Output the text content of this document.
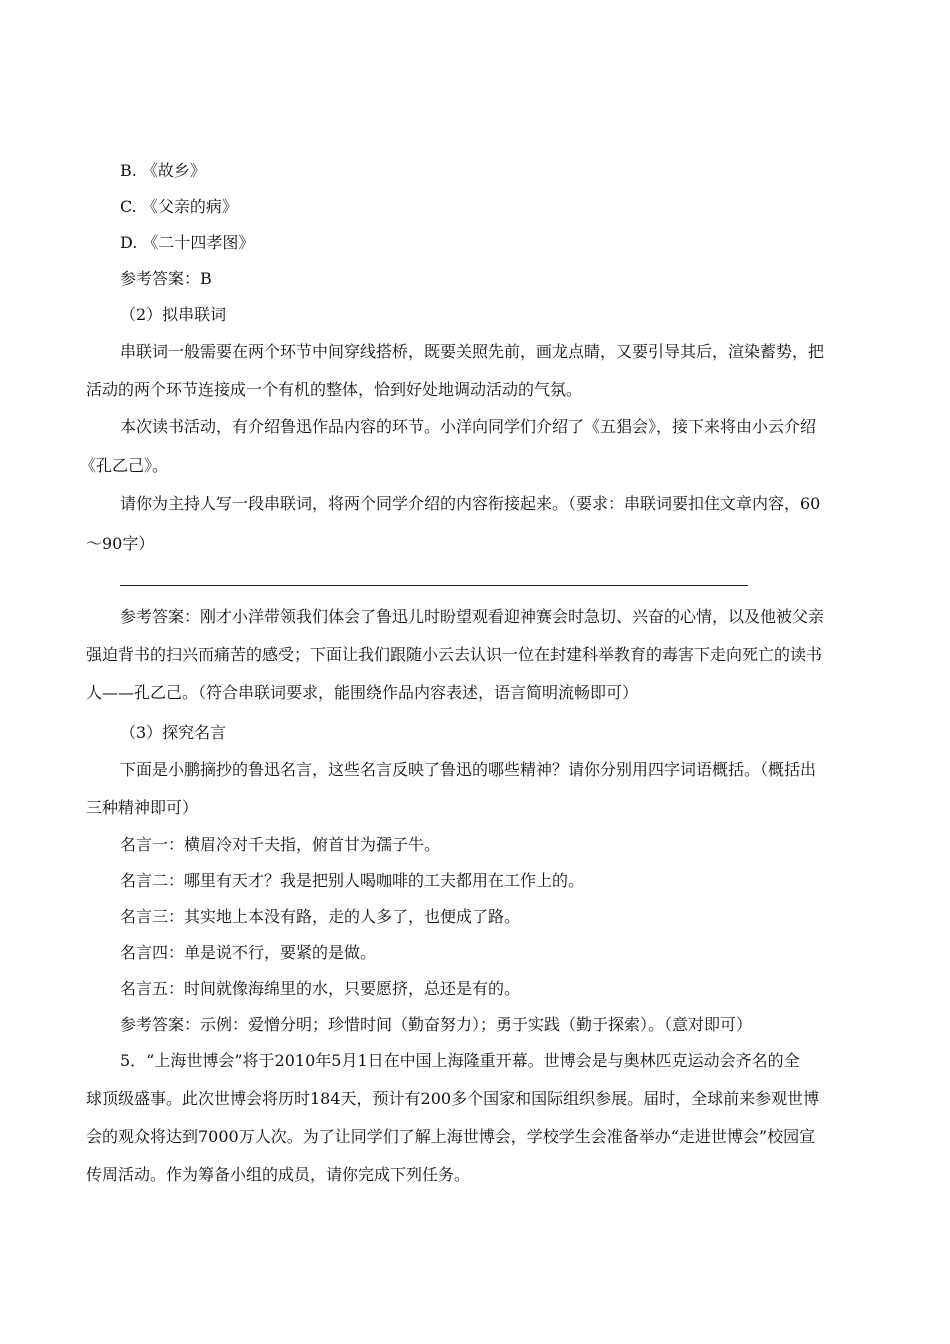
B. 《故乡》
C. 《父亲的病》
D. 《二十四孝图》
参考答案：B
（2）拟串联词
串联词一般需要在两个环节中间穿线搭桥，既要关照先前，画龙点睛，又要引导其后，渲染蓄势，把
活动的两个环节连接成一个有机的整体，恰到好处地调动活动的气氛。
本次读书活动，有介绍鲁迅作品内容的环节。小洋向同学们介绍了《五猖会》，接下来将由小云介绍
《孔乙己》。
请你为主持人写一段串联词，将两个同学介绍的内容衔接起来。（要求：串联词要扣住文章内容，60
～90字）
参考答案：刚才小洋带领我们体会了鲁迅儿时盼望观看迎神赛会时急切、兴奋的心情，以及他被父亲
强迫背书的扫兴而痛苦的感受；下面让我们跟随小云去认识一位在封建科举教育的毒害下走向死亡的读书
人——孔乙己。（符合串联词要求，能围绕作品内容表述，语言简明流畅即可）
（3）探究名言
下面是小鹏摘抄的鲁迅名言，这些名言反映了鲁迅的哪些精神？请你分别用四字词语概括。（概括出
三种精神即可）
名言一：横眉冷对千夫指，俯首甘为孺子牛。
名言二：哪里有天才？我是把别人喝咖啡的工夫都用在工作上的。
名言三：其实地上本没有路，走的人多了，也便成了路。
名言四：单是说不行，要紧的是做。
名言五：时间就像海绵里的水，只要愿挤，总还是有的。
参考答案：示例：爱憎分明；珍惜时间（勤奋努力）；勇于实践（勤于探索）。（意对即可）
5．“上海世博会”将于2010年5月1日在中国上海隆重开幕。世博会是与奥林匹克运动会齐名的全
球顶级盛事。此次世博会将历时184天，预计有200多个国家和国际组织参展。届时，全球前来参观世博
会的观众将达到7000万人次。为了让同学们了解上海世博会，学校学生会准备举办“走进世博会”校园宣
传周活动。作为筹备小组的成员，请你完成下列任务。
